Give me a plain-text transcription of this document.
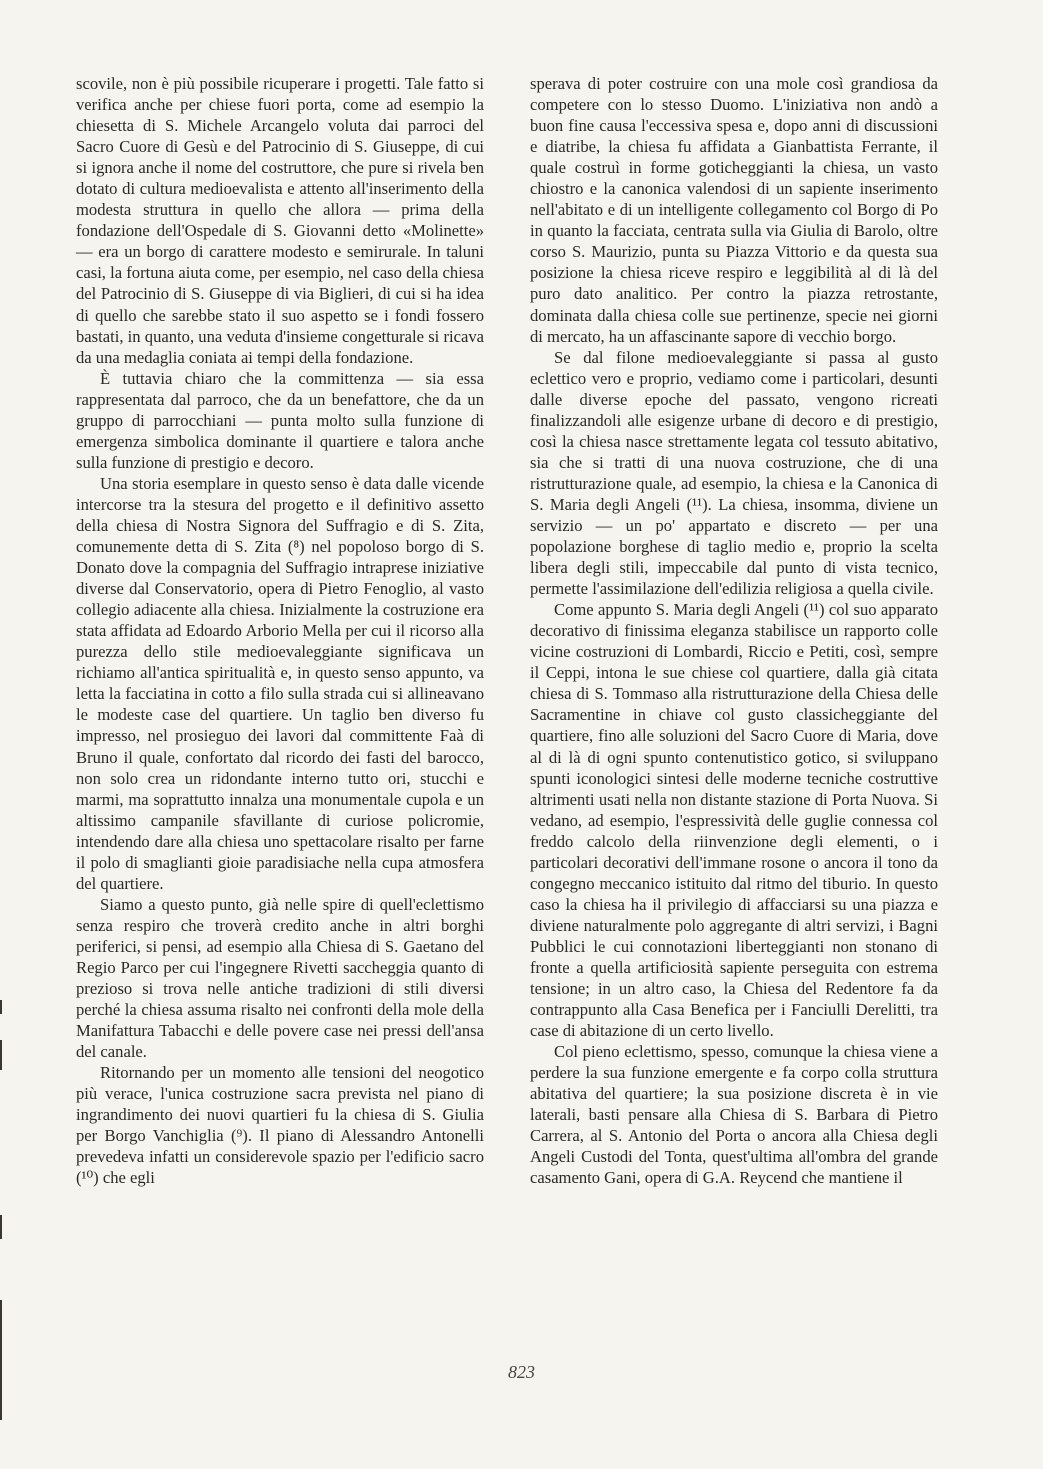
scovile, non è più possibile ricuperare i progetti. Tale fatto si verifica anche per chiese fuori porta, come ad esempio la chiesetta di S. Michele Arcangelo voluta dai parroci del Sacro Cuore di Gesù e del Patrocinio di S. Giuseppe, di cui si ignora anche il nome del costruttore, che pure si rivela ben dotato di cultura medioevalista e attento all'inserimento della modesta struttura in quello che allora — prima della fondazione dell'Ospedale di S. Giovanni detto «Molinette» — era un borgo di carattere modesto e semirurale. In taluni casi, la fortuna aiuta come, per esempio, nel caso della chiesa del Patrocinio di S. Giuseppe di via Biglieri, di cui si ha idea di quello che sarebbe stato il suo aspetto se i fondi fossero bastati, in quanto, una veduta d'insieme congetturale si ricava da una medaglia coniata ai tempi della fondazione.

È tuttavia chiaro che la committenza — sia essa rappresentata dal parroco, che da un benefattore, che da un gruppo di parrocchiani — punta molto sulla funzione di emergenza simbolica dominante il quartiere e talora anche sulla funzione di prestigio e decoro.

Una storia esemplare in questo senso è data dalle vicende intercorse tra la stesura del progetto e il definitivo assetto della chiesa di Nostra Signora del Suffragio e di S. Zita, comunemente detta di S. Zita (⁸) nel popoloso borgo di S. Donato dove la compagnia del Suffragio intraprese iniziative diverse dal Conservatorio, opera di Pietro Fenoglio, al vasto collegio adiacente alla chiesa. Inizialmente la costruzione era stata affidata ad Edoardo Arborio Mella per cui il ricorso alla purezza dello stile medioevaleggiante significava un richiamo all'antica spiritualità e, in questo senso appunto, va letta la facciatina in cotto a filo sulla strada cui si allineavano le modeste case del quartiere. Un taglio ben diverso fu impresso, nel prosieguo dei lavori dal committente Faà di Bruno il quale, confortato dal ricordo dei fasti del barocco, non solo crea un ridondante interno tutto ori, stucchi e marmi, ma soprattutto innalza una monumentale cupola e un altissimo campanile sfavillante di curiose policromie, intendendo dare alla chiesa uno spettacolare risalto per farne il polo di smaglianti gioie paradisiache nella cupa atmosfera del quartiere.

Siamo a questo punto, già nelle spire di quell'eclettismo senza respiro che troverà credito anche in altri borghi periferici, si pensi, ad esempio alla Chiesa di S. Gaetano del Regio Parco per cui l'ingegnere Rivetti saccheggia quanto di prezioso si trova nelle antiche tradizioni di stili diversi perché la chiesa assuma risalto nei confronti della mole della Manifattura Tabacchi e delle povere case nei pressi dell'ansa del canale.

Ritornando per un momento alle tensioni del neogotico più verace, l'unica costruzione sacra prevista nel piano di ingrandimento dei nuovi quartieri fu la chiesa di S. Giulia per Borgo Vanchiglia (⁹). Il piano di Alessandro Antonelli prevedeva infatti un considerevole spazio per l'edificio sacro (¹⁰) che egli

sperava di poter costruire con una mole così grandiosa da competere con lo stesso Duomo. L'iniziativa non andò a buon fine causa l'eccessiva spesa e, dopo anni di discussioni e diatribe, la chiesa fu affidata a Gianbattista Ferrante, il quale costruì in forme goticheggianti la chiesa, un vasto chiostro e la canonica valendosi di un sapiente inserimento nell'abitato e di un intelligente collegamento col Borgo di Po in quanto la facciata, centrata sulla via Giulia di Barolo, oltre corso S. Maurizio, punta su Piazza Vittorio e da questa sua posizione la chiesa riceve respiro e leggibilità al di là del puro dato analitico. Per contro la piazza retrostante, dominata dalla chiesa colle sue pertinenze, specie nei giorni di mercato, ha un affascinante sapore di vecchio borgo.

Se dal filone medioevaleggiante si passa al gusto eclettico vero e proprio, vediamo come i particolari, desunti dalle diverse epoche del passato, vengono ricreati finalizzandoli alle esigenze urbane di decoro e di prestigio, così la chiesa nasce strettamente legata col tessuto abitativo, sia che si tratti di una nuova costruzione, che di una ristrutturazione quale, ad esempio, la chiesa e la Canonica di S. Maria degli Angeli (¹¹). La chiesa, insomma, diviene un servizio — un po' appartato e discreto — per una popolazione borghese di taglio medio e, proprio la scelta libera degli stili, impeccabile dal punto di vista tecnico, permette l'assimilazione dell'edilizia religiosa a quella civile.

Come appunto S. Maria degli Angeli (¹¹) col suo apparato decorativo di finissima eleganza stabilisce un rapporto colle vicine costruzioni di Lombardi, Riccio e Petiti, così, sempre il Ceppi, intona le sue chiese col quartiere, dalla già citata chiesa di S. Tommaso alla ristrutturazione della Chiesa delle Sacramentine in chiave col gusto classicheggiante del quartiere, fino alle soluzioni del Sacro Cuore di Maria, dove al di là di ogni spunto contenutistico gotico, si sviluppano spunti iconologici sintesi delle moderne tecniche costruttive altrimenti usati nella non distante stazione di Porta Nuova. Si vedano, ad esempio, l'espressività delle guglie connessa col freddo calcolo della riinvenzione degli elementi, o i particolari decorativi dell'immane rosone o ancora il tono da congegno meccanico istituito dal ritmo del tiburio. In questo caso la chiesa ha il privilegio di affacciarsi su una piazza e diviene naturalmente polo aggregante di altri servizi, i Bagni Pubblici le cui connotazioni liberteggianti non stonano di fronte a quella artificiosità sapiente perseguita con estrema tensione; in un altro caso, la Chiesa del Redentore fa da contrappunto alla Casa Benefica per i Fanciulli Derelitti, tra case di abitazione di un certo livello.

Col pieno eclettismo, spesso, comunque la chiesa viene a perdere la sua funzione emergente e fa corpo colla struttura abitativa del quartiere; la sua posizione discreta è in vie laterali, basti pensare alla Chiesa di S. Barbara di Pietro Carrera, al S. Antonio del Porta o ancora alla Chiesa degli Angeli Custodi del Tonta, quest'ultima all'ombra del grande casamento Gani, opera di G.A. Reycend che mantiene il

823
